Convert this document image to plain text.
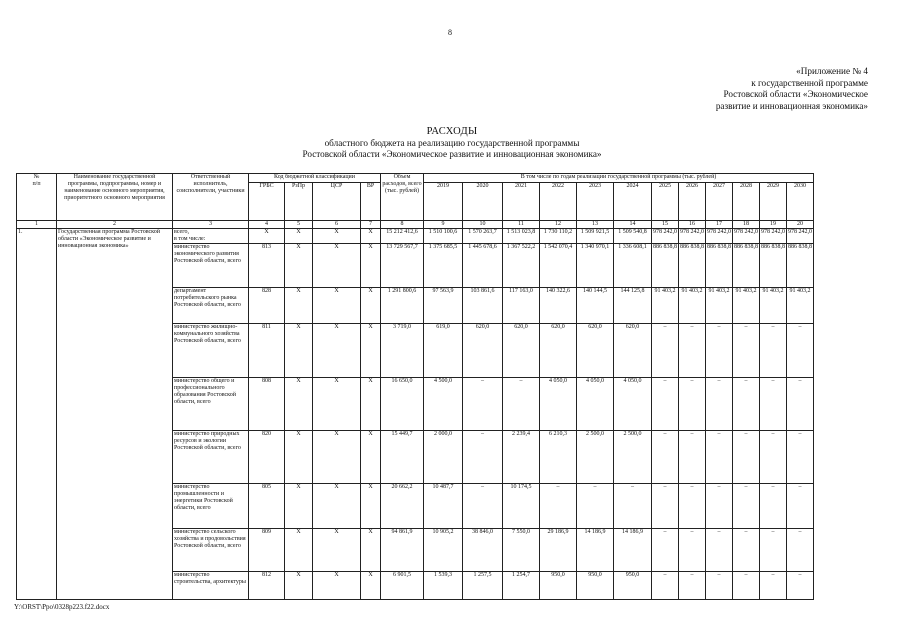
8
«Приложение № 4
к государственной программе
Ростовской области «Экономическое
развитие и инновационная экономика»
РАСХОДЫ
областного бюджета на реализацию государственной программы
Ростовской области «Экономическое развитие и инновационная экономика»
№
п/п	Наименование государственной программы, подпрограммы, номер и наименование основного мероприятия, приоритетного основного мероприятия	Ответственный исполнитель, соисполнители, участники	Код бюджетной классификации				Объем расходов, всего (тыс. рублей)	В том числе по годам реализации государственной программы (тыс. рублей)											
			ГРБС	РзПр	ЦСР	ВР		2019	2020	2021	2022	2023	2024	2025	2026	2027	2028	2029	2030
1	2	3	4	5	6	7	8	9	10	11	12	13	14	15	16	17	18	19	20
1.	Государственная программа Ростовской области «Экономическое развитие и инновационная экономика»	всего,
в том числе:	X	X	X	X	15 212 412,6	1 510 100,6	1 570 263,7	1 513 023,8	1 730 110,2	1 509 921,5	1 509 540,8	978 242,0	978 242,0	978 242,0	978 242,0	978 242,0	978 242,0
		министерство экономического развития Ростовской области, всего	813	X	X	X	13 729 567,7	1 375 685,5	1 445 678,6	1 367 522,2	1 542 070,4	1 340 970,1	1 336 608,1	886 838,8	886 838,8	886 838,8	886 838,8	886 838,8	886 838,8
		департамент потребительского рынка Ростовской области, всего	828	X	X	X	1 291 800,6	97 563,9	103 861,6	117 163,0	140 322,6	140 144,5	144 125,8	91 403,2	91 403,2	91 403,2	91 403,2	91 403,2	91 403,2
		министерство жилищно-коммунального хозяйства Ростовской области, всего	811	X	X	X	3 719,0	619,0	620,0	620,0	620,0	620,0	620,0	–	–	–	–	–	–
		министерство общего и профессионального образования Ростовской области, всего	808	X	X	X	16 650,0	4 500,0	–	–	4 050,0	4 050,0	4 050,0	–	–	–	–	–	–
		министерство природных ресурсов и экологии Ростовской области, всего	820	X	X	X	15 449,7	2 000,0	–	2 239,4	6 210,3	2 500,0	2 500,0	–	–	–	–	–	–
		министерство промышленности и энергетики Ростовской области, всего	805	X	X	X	20 662,2	10 487,7	–	10 174,5	–	–	–	–	–	–	–	–	–
		министерство сельского хозяйства и продовольствия Ростовской области, всего	809	X	X	X	94 861,9	10 905,2	38 846,0	7 550,0	29 186,9	14 186,9	14 186,9	–	–	–	–	–	–
		министерство строительства, архитектуры	812	X	X	X	6 901,5	1 539,3	1 257,5	1 254,7	950,0	950,0	950,0	–	–	–	–	–	–
Y:\ORST\Ppo\0328p223.f22.docx
